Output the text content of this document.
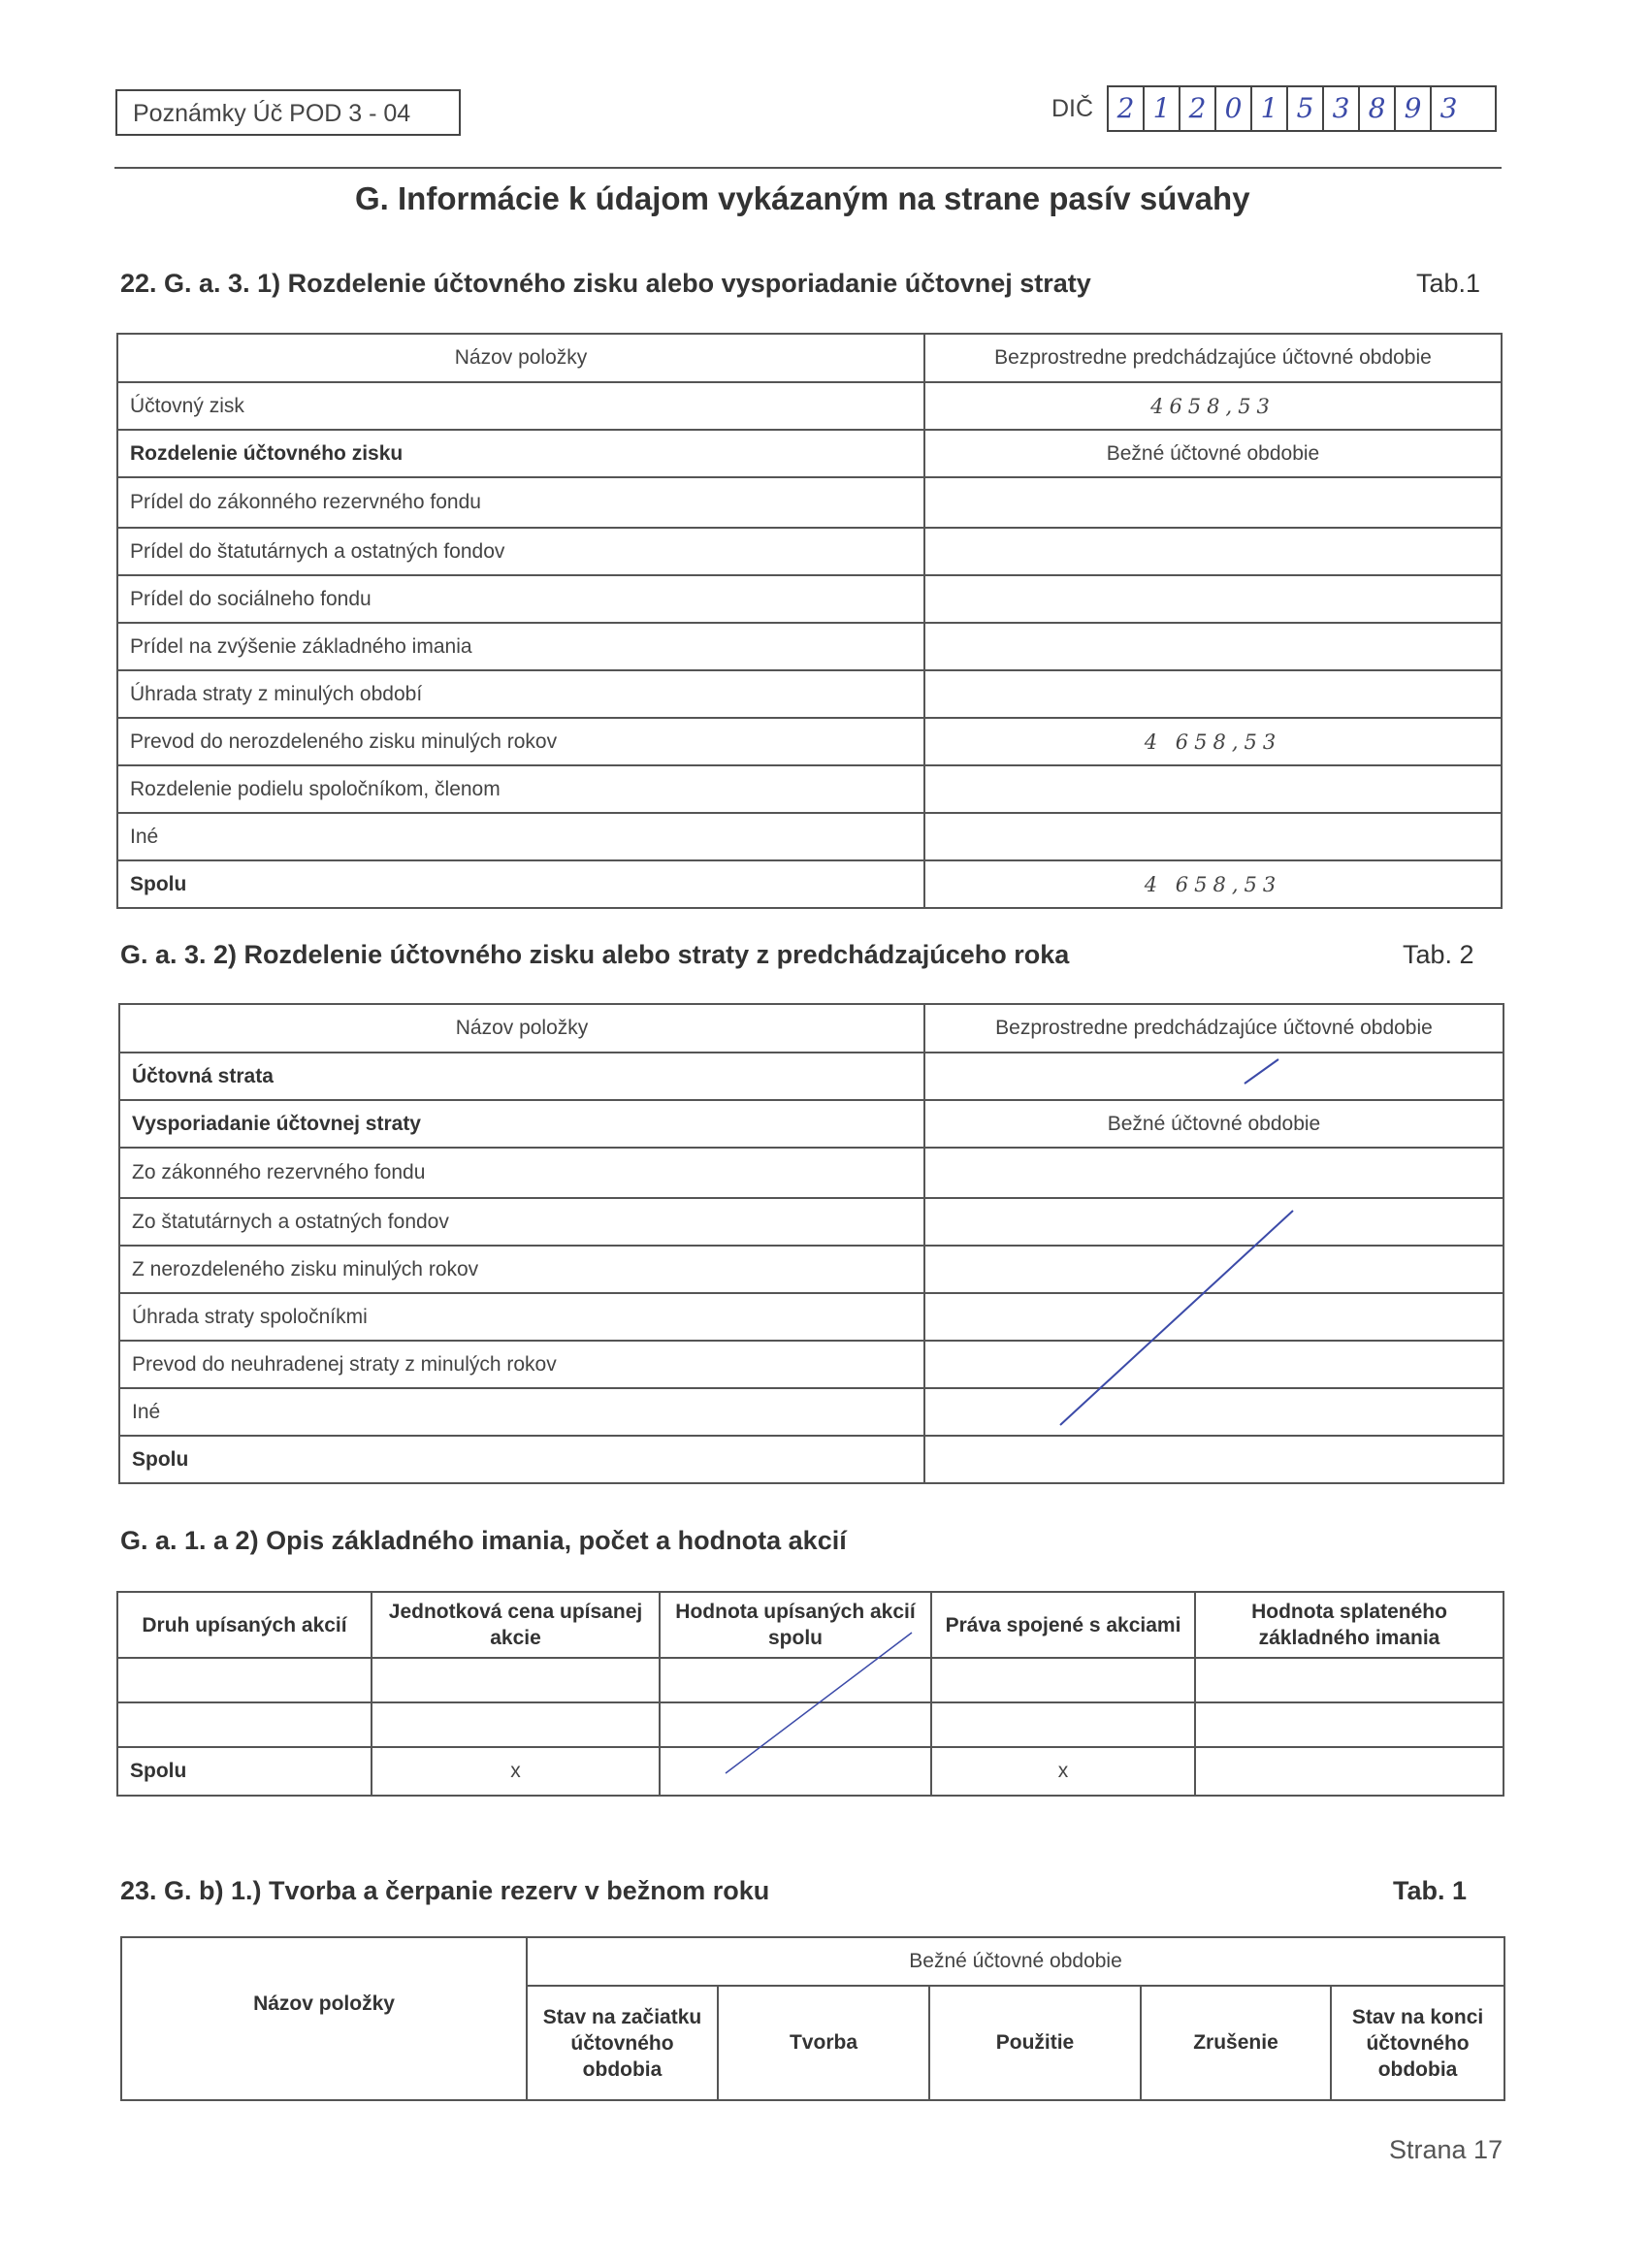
Poznámky Úč POD 3 - 04	DIČ 2 1 2 0 1 5 3 8 9 3
G. Informácie k údajom vykázaným na strane pasív súvahy
22. G. a. 3. 1) Rozdelenie účtovného zisku alebo vysporiadanie účtovnej straty	Tab.1
Názov položky	Bezprostredne predchádzajúce účtovné obdobie
Účtovný zisk	4658,53
Rozdelenie účtovného zisku	Bežné účtovné obdobie
Prídel do zákonného rezervného fondu	
Prídel do štatutárnych a ostatných fondov	
Prídel do sociálneho fondu	
Prídel na zvýšenie základného imania	
Úhrada straty z minulých období	
Prevod do nerozdeleného zisku minulých rokov	4 658,53
Rozdelenie podielu spoločníkom, členom	
Iné	
Spolu	4 658,53
G. a. 3. 2) Rozdelenie účtovného zisku alebo straty z predchádzajúceho roka	Tab. 2
Názov položky	Bezprostredne predchádzajúce účtovné obdobie
Účtovná strata	
Vysporiadanie účtovnej straty	Bežné účtovné obdobie
Zo zákonného rezervného fondu	
Zo štatutárnych a ostatných fondov	
Z nerozdeleného zisku minulých rokov	
Úhrada straty spoločníkmi	
Prevod do neuhradenej straty z minulých rokov	
Iné	
Spolu	
G. a. 1. a 2) Opis základného imania, počet a hodnota akcií
Druh upísaných akcií	Jednotková cena upísanej akcie	Hodnota upísaných akcií spolu	Práva spojené s akciami	Hodnota splateného základného imania

Spolu	x		x	
23. G. b) 1.) Tvorba a čerpanie rezerv v bežnom roku	Tab. 1
Názov položky	Bežné účtovné obdobie				
	Stav na začiatku účtovného obdobia	Tvorba	Použitie	Zrušenie	Stav na konci účtovného obdobia
Strana 17
